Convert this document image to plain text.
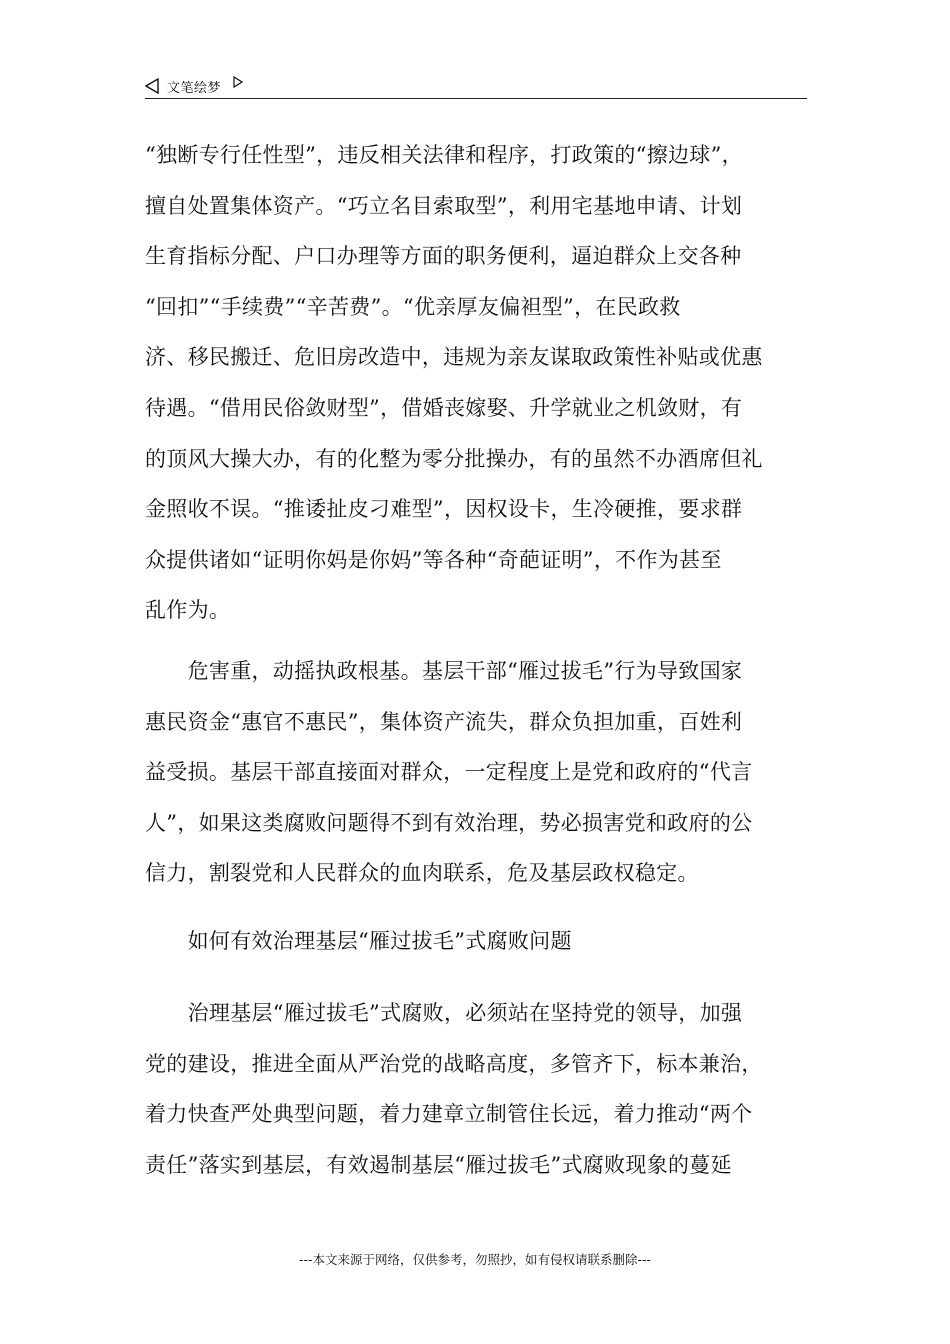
文笔绘梦

“独断专行任性型”，违反相关法律和程序，打政策的“擦边球”，
擅自处置集体资产。“巧立名目索取型”，利用宅基地申请、计划
生育指标分配、户口办理等方面的职务便利，逼迫群众上交各种
“回扣”“手续费”“辛苦费”。“优亲厚友偏袒型”，在民政救
济、移民搬迁、危旧房改造中，违规为亲友谋取政策性补贴或优惠
待遇。“借用民俗敛财型”，借婚丧嫁娶、升学就业之机敛财，有
的顶风大操大办，有的化整为零分批操办，有的虽然不办酒席但礼
金照收不误。“推诿扯皮刁难型”，因权设卡，生冷硬推，要求群
众提供诸如“证明你妈是你妈”等各种“奇葩证明”，不作为甚至
乱作为。

　　危害重，动摇执政根基。基层干部“雁过拔毛”行为导致国家
惠民资金“惠官不惠民”，集体资产流失，群众负担加重，百姓利
益受损。基层干部直接面对群众，一定程度上是党和政府的“代言
人”，如果这类腐败问题得不到有效治理，势必损害党和政府的公
信力，割裂党和人民群众的血肉联系，危及基层政权稳定。

　　如何有效治理基层“雁过拔毛”式腐败问题

　　治理基层“雁过拔毛”式腐败，必须站在坚持党的领导，加强
党的建设，推进全面从严治党的战略高度，多管齐下，标本兼治，
着力快查严处典型问题，着力建章立制管住长远，着力推动“两个
责任”落实到基层，有效遏制基层“雁过拔毛”式腐败现象的蔓延

---本文来源于网络，仅供参考，勿照抄，如有侵权请联系删除---
